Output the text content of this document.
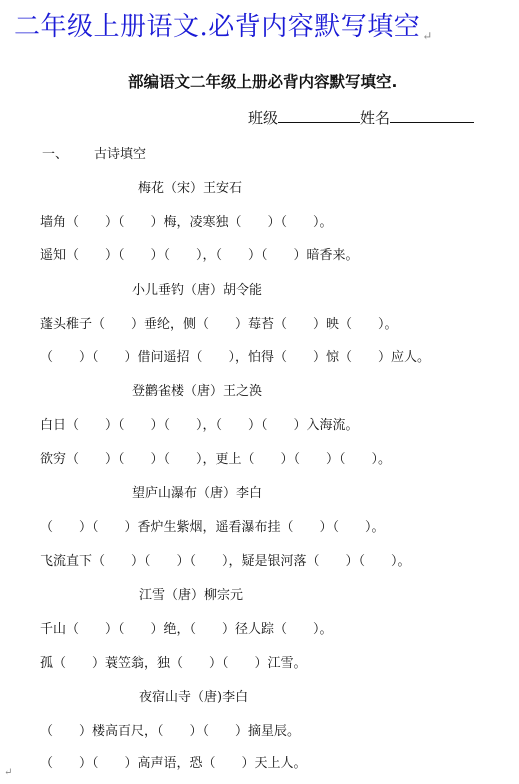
二年级上册语文.必背内容默写填空 ↵
部编语文二年级上册必背内容默写填空.
班级	姓名
一、 古诗填空
梅花（宋）王安石
墙角（　　）（　　）梅，凌寒独（　　）（　　）。
遥知（　　）（　　）（　　），（　　）（　　）暗香来。
小儿垂钓（唐）胡令能
蓬头稚子（　　）垂纶，侧（　　）莓苔（　　）映（　　）。
（　　）（　　）借问遥招（　　），怕得（　　）惊（　　）应人。
登鹳雀楼（唐）王之涣
白日（　　）（　　）（　　），（　　）（　　）入海流。
欲穷（　　）（　　）（　　），更上（　　）（　　）（　　）。
望庐山瀑布（唐）李白
（　　）（　　）香炉生紫烟，遥看瀑布挂（　　）（　　）。
飞流直下（　　）（　　）（　　），疑是银河落（　　）（　　）。
江雪（唐）柳宗元
千山（　　）（　　）绝，（　　）径人踪（　　）。
孤（　　）蓑笠翁，独（　　）（　　）江雪。
夜宿山寺（唐)李白
（　　）楼高百尺，（　　）（　　）摘星辰。
（　　）（　　）高声语，恐（　　）天上人。
↵
